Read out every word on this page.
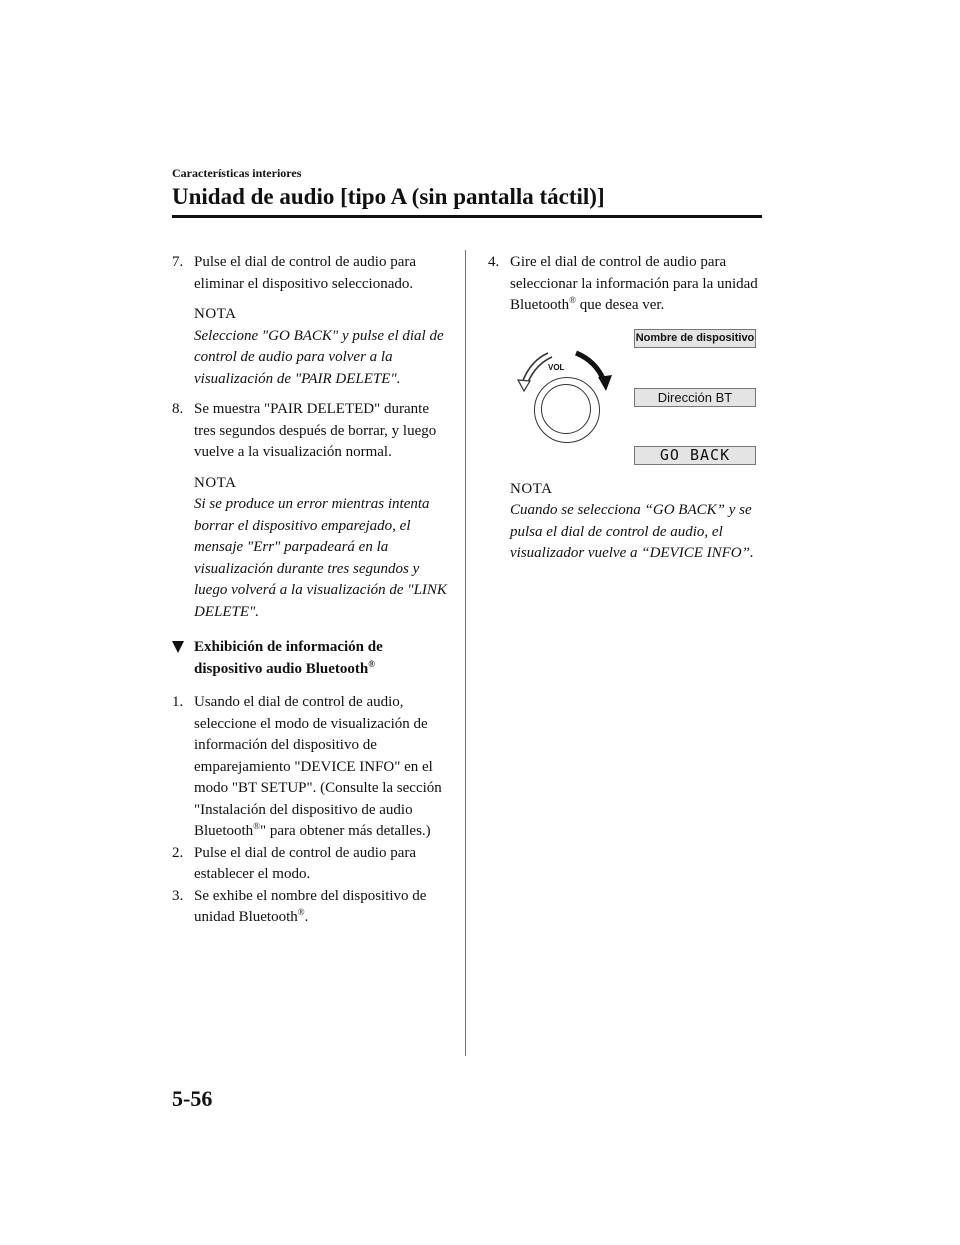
Características interiores
Unidad de audio [tipo A (sin pantalla táctil)]
7. Pulse el dial de control de audio para eliminar el dispositivo seleccionado.
NOTA
Seleccione "GO BACK" y pulse el dial de control de audio para volver a la visualización de "PAIR DELETE".
8. Se muestra "PAIR DELETED" durante tres segundos después de borrar, y luego vuelve a la visualización normal.
NOTA
Si se produce un error mientras intenta borrar el dispositivo emparejado, el mensaje "Err" parpadeará en la visualización durante tres segundos y luego volverá a la visualización de "LINK DELETE".
Exhibición de información de dispositivo audio Bluetooth®
1. Usando el dial de control de audio, seleccione el modo de visualización de información del dispositivo de emparejamiento "DEVICE INFO" en el modo "BT SETUP". (Consulte la sección "Instalación del dispositivo de audio Bluetooth®" para obtener más detalles.)
2. Pulse el dial de control de audio para establecer el modo.
3. Se exhibe el nombre del dispositivo de unidad Bluetooth®.
4. Gire el dial de control de audio para seleccionar la información para la unidad Bluetooth® que desea ver.
VOL
Nombre de dispositivo
Dirección BT
GO BACK
NOTA
Cuando se selecciona “GO BACK” y se pulsa el dial de control de audio, el visualizador vuelve a “DEVICE INFO”.
5-56
